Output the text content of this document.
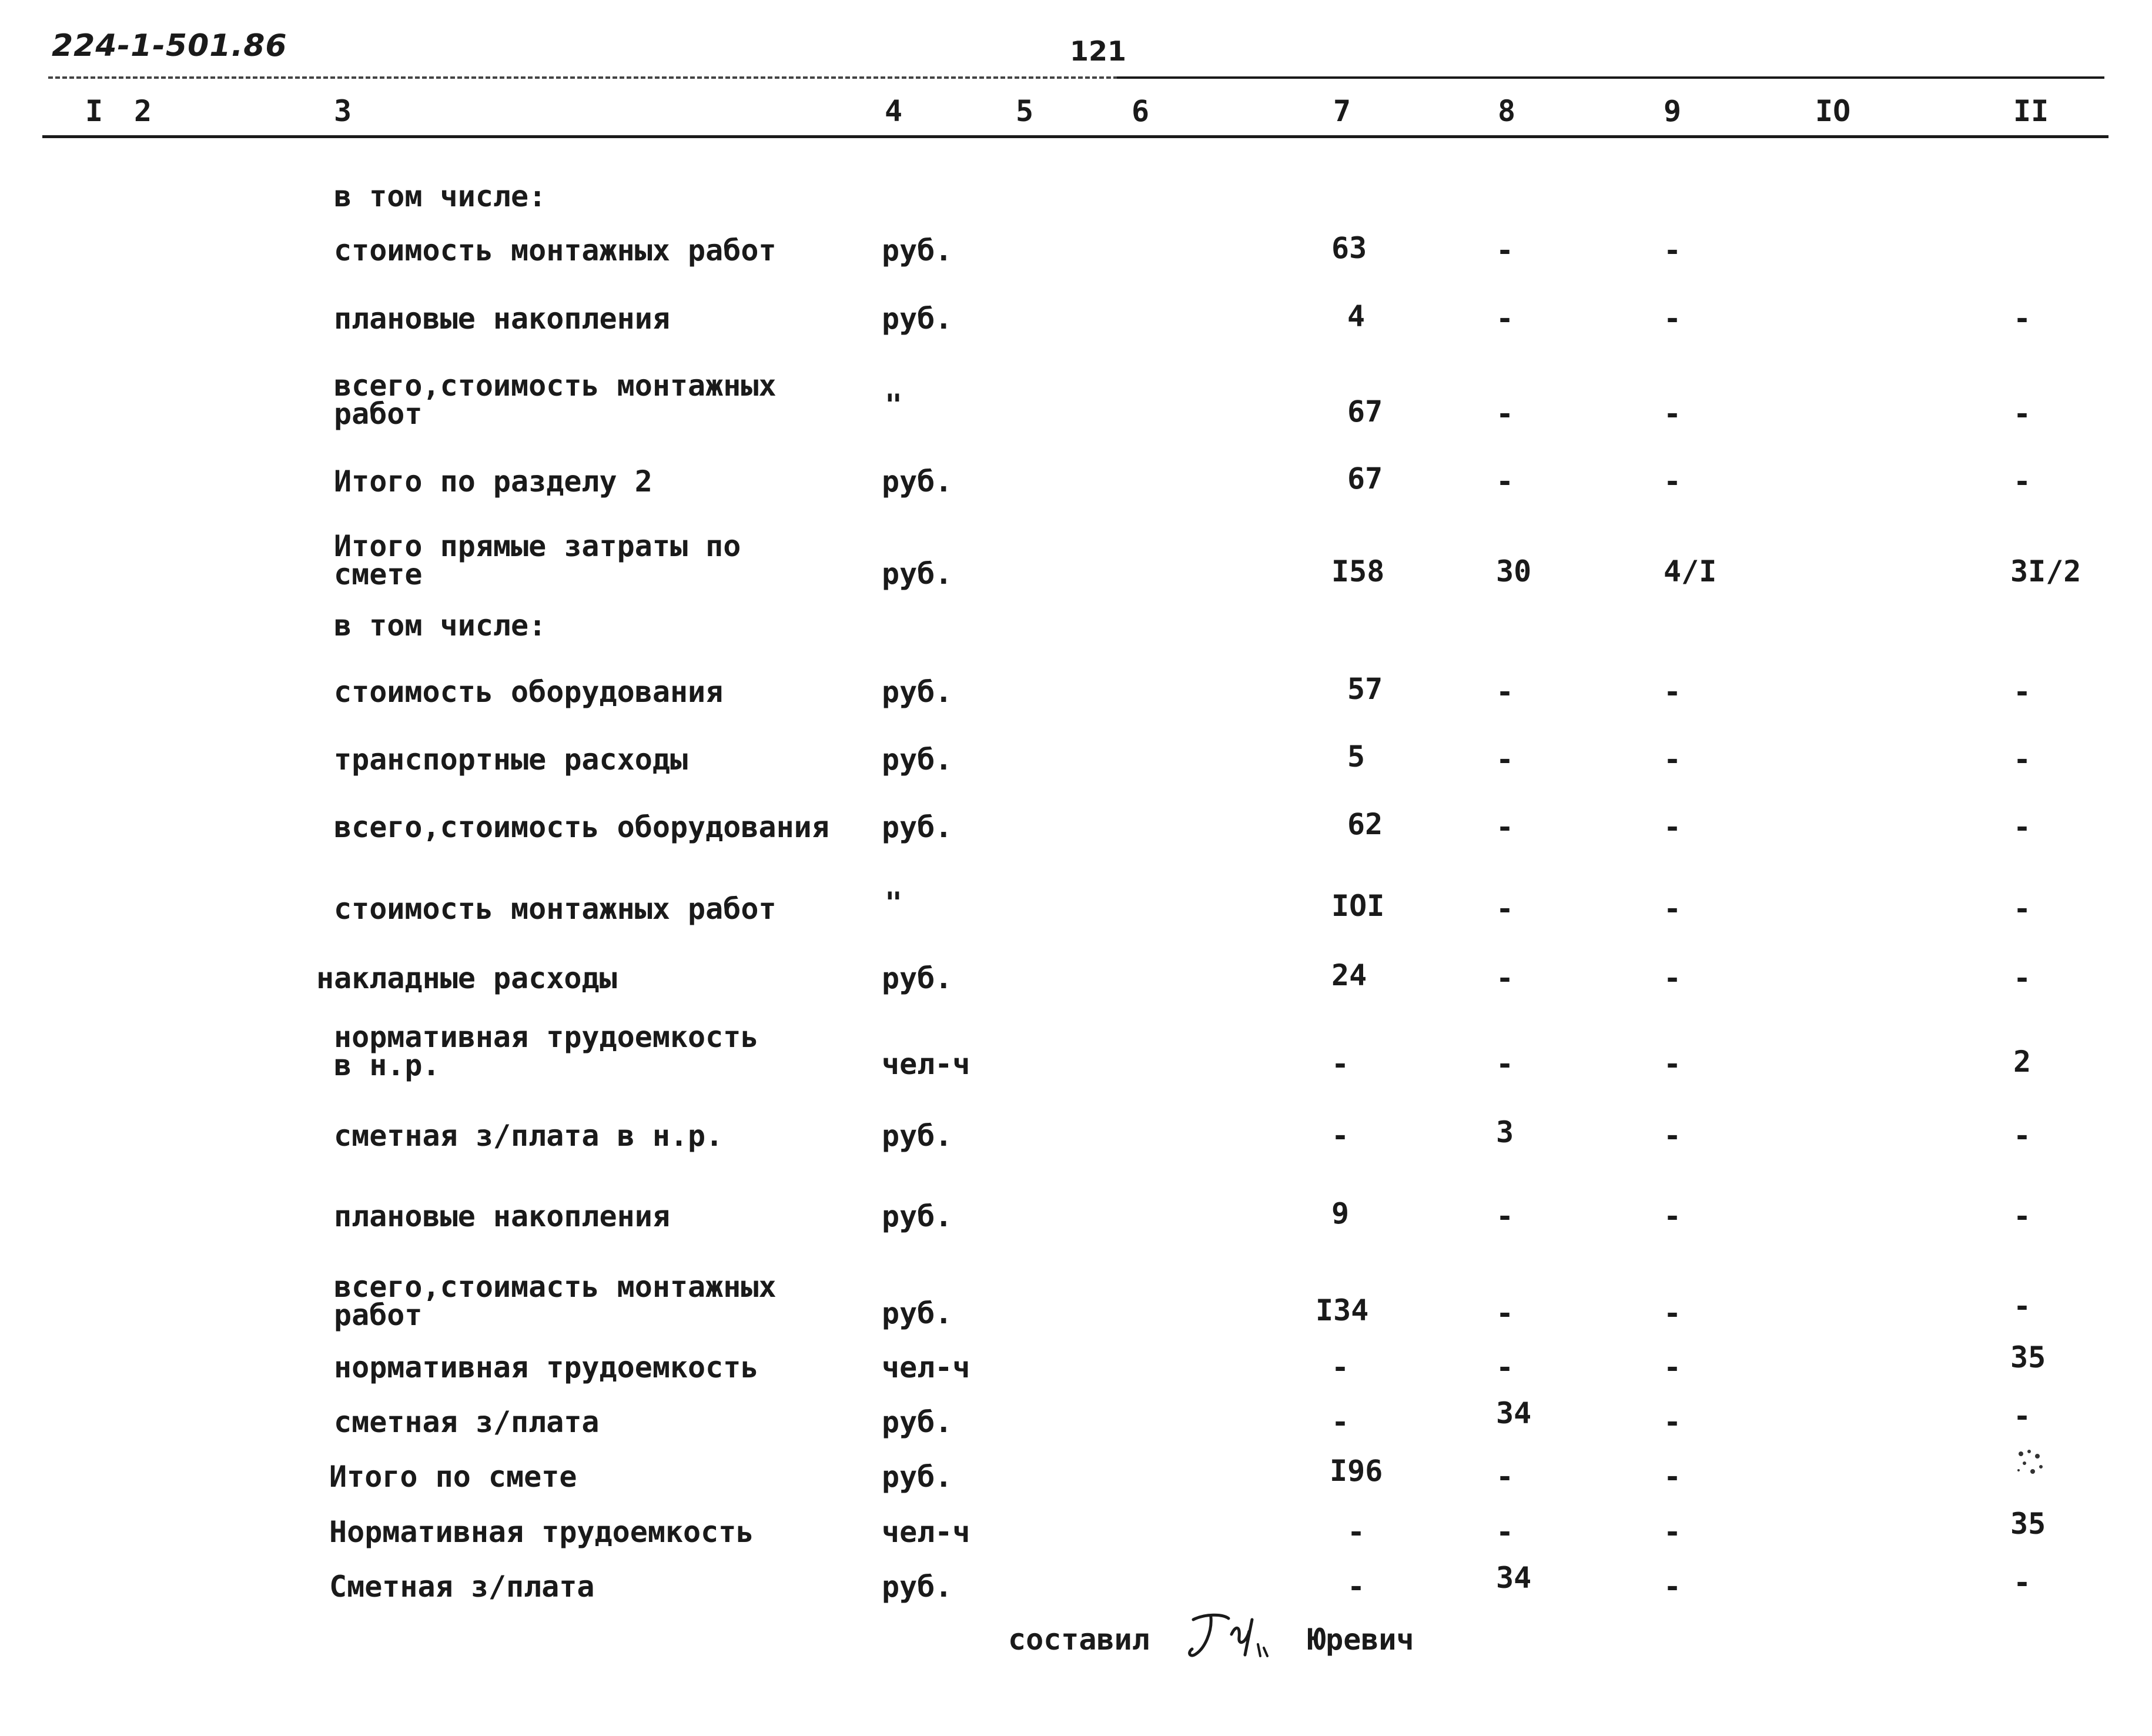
224-1-501.86	121
I 2	3	4	5	6	7	8	9	IO	II
в том числе:
стоимость монтажных работ	руб.	63	-	-
плановые накопления	руб.	4	-	-	-
всего,стоимость монтажных
работ	"	67	-	-	-
Итого по разделу 2	руб.	67	-	-	-
Итого прямые затраты по
смете	руб.	I58	30	4/I	3I/2
в том числе:
стоимость оборудования	руб.	57	-	-	-
транспортные расходы	руб.	5	-	-	-
всего,стоимость оборудования руб.	62	-	-	-
стоимость монтажных работ	"	IOI	-	-	-
накладные расходы	руб.	24	-	-	-
нормативная трудоемкость
в н.р.	чел-ч	-	-	-	2
сметная з/плата в н.р.	руб.	-	3	-	-
плановые накопления	руб.	9	-	-	-
всего,стоимасть монтажных
работ	руб.	I34	-	-	-
нормативная трудоемкость	чел-ч	-	-	-	35
сметная з/плата	руб.	-	34	-	-
Итого по смете	руб.	I96	-	-
Нормативная трудоемкость	чел-ч	-	-	-	35
Сметная з/плата	руб.	-	34	-	-
составил	Юревич
